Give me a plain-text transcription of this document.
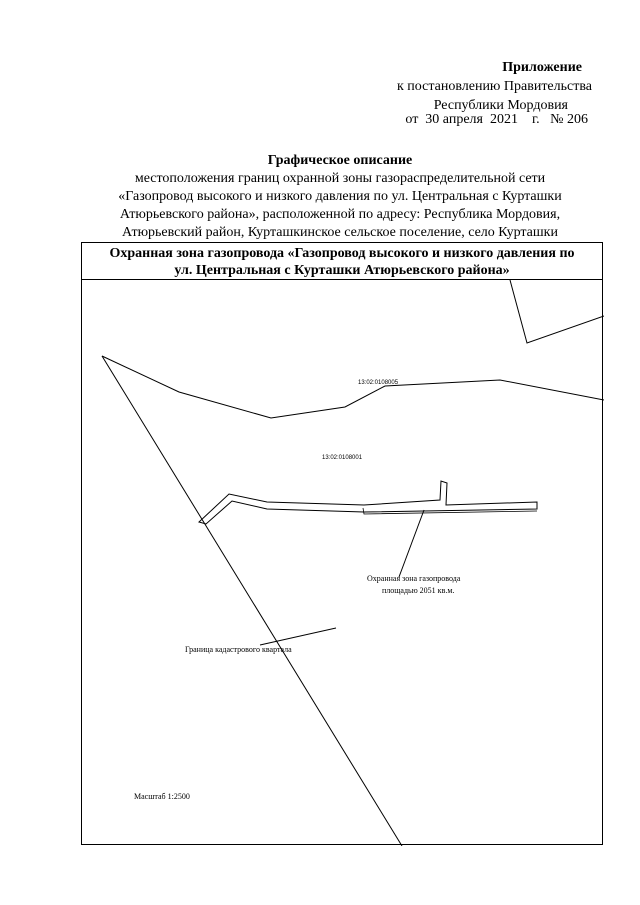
Приложение
к постановлению Правительства
Республики Мордовия
от  30 апреля  2021    г.   № 206
Графическое описание
местоположения границ охранной зоны газораспределительной сети
«Газопровод высокого и низкого давления по ул. Центральная с Курташки
Атюрьевского района», расположенной по адресу: Республика Мордовия,
Атюрьевский район, Курташкинское сельское поселение, село Курташки
Охранная зона газопровода «Газопровод высокого и низкого давления по
ул. Центральная с Курташки Атюрьевского района»
13:02:0108005
13:02:0108001
Охранная зона газопровода
площадью 2051 кв.м.
Граница кадастрового квартала
Масштаб 1:2500
